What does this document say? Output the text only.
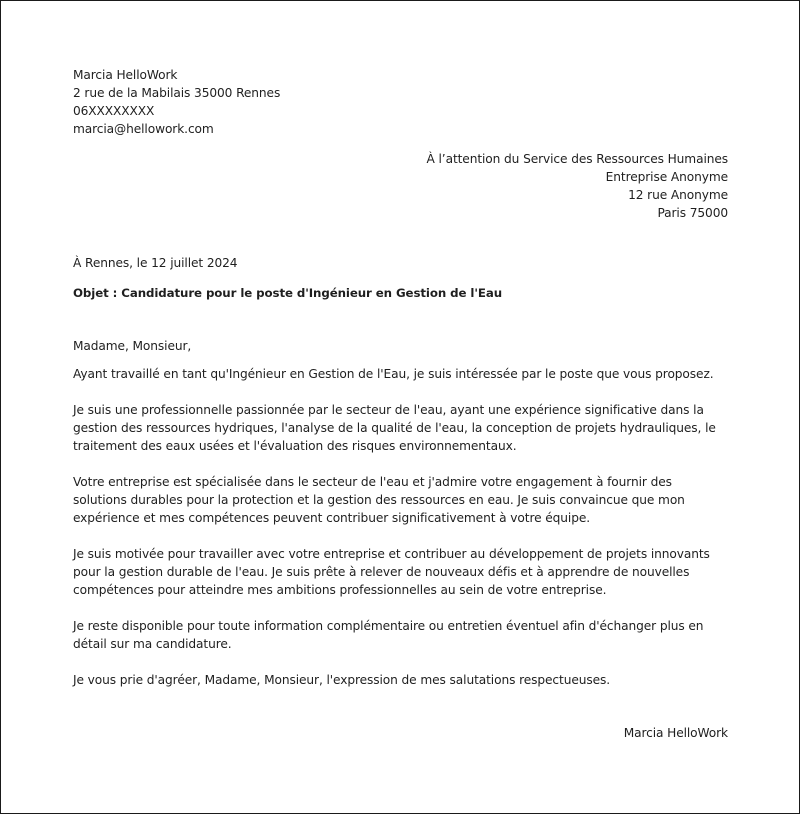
Marcia HelloWork
2 rue de la Mabilais 35000 Rennes
06XXXXXXXX
marcia@hellowork.com
À l’attention du Service des Ressources Humaines
Entreprise Anonyme
12 rue Anonyme
Paris 75000
À Rennes, le 12 juillet 2024
Objet : Candidature pour le poste d'Ingénieur en Gestion de l'Eau
Madame, Monsieur,
Ayant travaillé en tant qu'Ingénieur en Gestion de l'Eau, je suis intéressée par le poste que vous proposez.
Je suis une professionnelle passionnée par le secteur de l'eau, ayant une expérience significative dans la gestion des ressources hydriques, l'analyse de la qualité de l'eau, la conception de projets hydrauliques, le traitement des eaux usées et l'évaluation des risques environnementaux.
Votre entreprise est spécialisée dans le secteur de l'eau et j'admire votre engagement à fournir des solutions durables pour la protection et la gestion des ressources en eau. Je suis convaincue que mon expérience et mes compétences peuvent contribuer significativement à votre équipe.
Je suis motivée pour travailler avec votre entreprise et contribuer au développement de projets innovants pour la gestion durable de l'eau. Je suis prête à relever de nouveaux défis et à apprendre de nouvelles compétences pour atteindre mes ambitions professionnelles au sein de votre entreprise.
Je reste disponible pour toute information complémentaire ou entretien éventuel afin d'échanger plus en détail sur ma candidature.
Je vous prie d'agréer, Madame, Monsieur, l'expression de mes salutations respectueuses.
Marcia HelloWork
